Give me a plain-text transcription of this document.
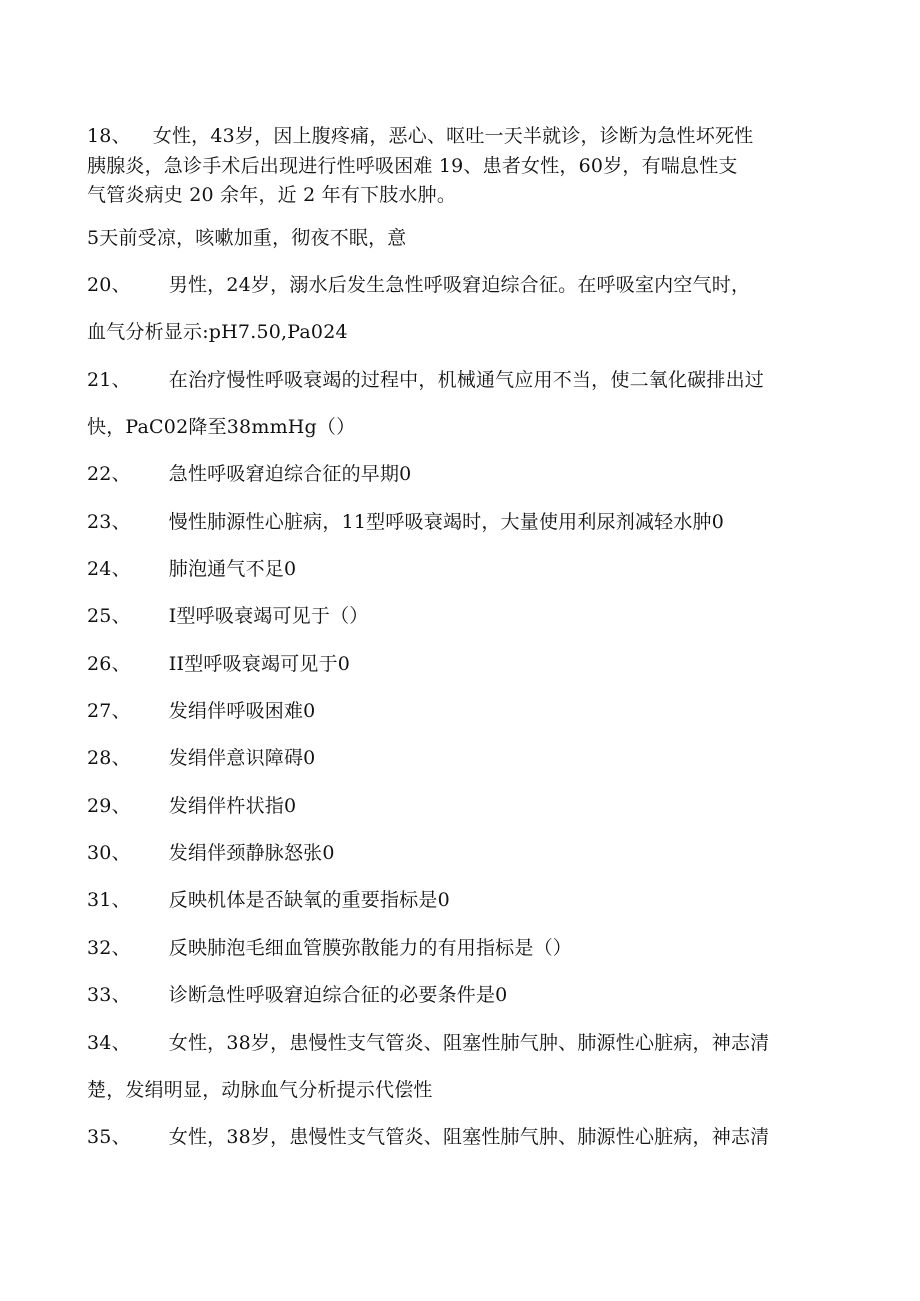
18、 女性，43岁，因上腹疼痛，恶心、呕吐一天半就诊，诊断为急性坏死性
胰腺炎，急诊手术后出现进行性呼吸困难 19、患者女性，60岁，有喘息性支
气管炎病史 20 余年，近 2 年有下肢水肿。
5天前受凉，咳嗽加重，彻夜不眠，意
20、 男性，24岁，溺水后发生急性呼吸窘迫综合征。在呼吸室内空气时，
血气分析显示:pH7.50,Pa024
21、 在治疗慢性呼吸衰竭的过程中，机械通气应用不当，使二氧化碳排出过
快，PaC02降至38mmHg（）
22、 急性呼吸窘迫综合征的早期0
23、 慢性肺源性心脏病，11型呼吸衰竭时，大量使用利尿剂减轻水肿0
24、 肺泡通气不足0
25、 I型呼吸衰竭可见于（）
26、 II型呼吸衰竭可见于0
27、 发绢伴呼吸困难0
28、 发绢伴意识障碍0
29、 发绢伴杵状指0
30、 发绢伴颈静脉怒张0
31、 反映机体是否缺氧的重要指标是0
32、 反映肺泡毛细血管膜弥散能力的有用指标是（）
33、 诊断急性呼吸窘迫综合征的必要条件是0
34、 女性，38岁，患慢性支气管炎、阻塞性肺气肿、肺源性心脏病，神志清
楚，发绢明显，动脉血气分析提示代偿性
35、 女性，38岁，患慢性支气管炎、阻塞性肺气肿、肺源性心脏病，神志清
